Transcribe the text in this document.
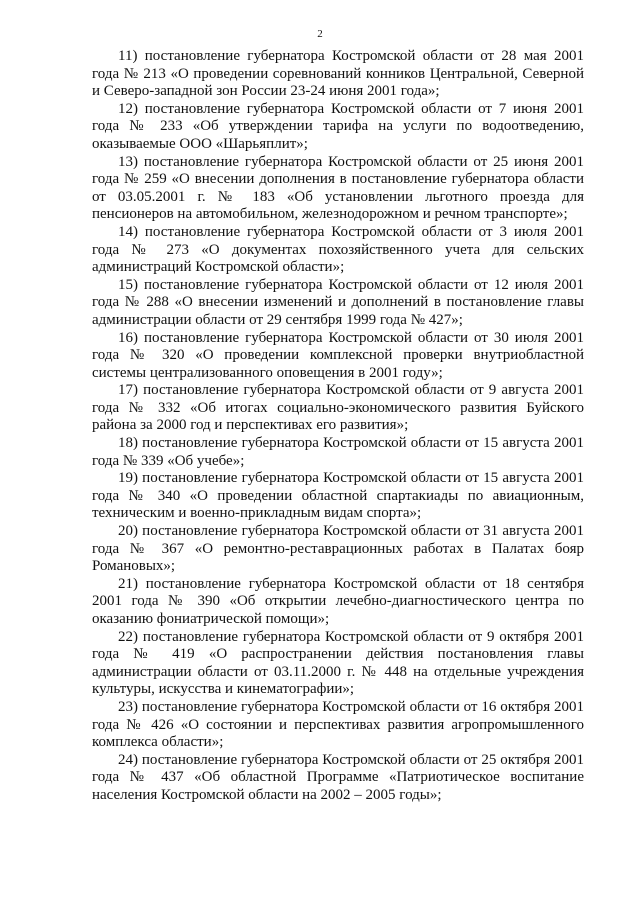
2

11) постановление губернатора Костромской области от 28 мая 2001 года № 213 «О проведении соревнований конников Центральной, Северной и Северо-западной зон России 23-24 июня 2001 года»;

12) постановление губернатора Костромской области от 7 июня 2001 года № 233 «Об утверждении тарифа на услуги по водоотведению, оказываемые ООО «Шарьяплит»;

13) постановление губернатора Костромской области от 25 июня 2001 года № 259 «О внесении дополнения в постановление губернатора области от 03.05.2001 г. № 183 «Об установлении льготного проезда для пенсионеров на автомобильном, железнодорожном и речном транспорте»;

14) постановление губернатора Костромской области от 3 июля 2001 года № 273 «О документах похозяйственного учета для сельских администраций Костромской области»;

15) постановление губернатора Костромской области от 12 июля 2001 года № 288 «О внесении изменений и дополнений в постановление главы администрации области от 29 сентября 1999 года № 427»;

16) постановление губернатора Костромской области от 30 июля 2001 года № 320 «О проведении комплексной проверки внутриобластной системы централизованного оповещения в 2001 году»;

17) постановление губернатора Костромской области от 9 августа 2001 года № 332 «Об итогах социально-экономического развития Буйского района за 2000 год и перспективах его развития»;

18) постановление губернатора Костромской области от 15 августа 2001 года № 339 «Об учебе»;

19) постановление губернатора Костромской области от 15 августа 2001 года № 340 «О проведении областной спартакиады по авиационным, техническим и военно-прикладным видам спорта»;

20) постановление губернатора Костромской области от 31 августа 2001 года № 367 «О ремонтно-реставрационных работах в Палатах бояр Романовых»;

21) постановление губернатора Костромской области от 18 сентября 2001 года № 390 «Об открытии лечебно-диагностического центра по оказанию фониатрической помощи»;

22) постановление губернатора Костромской области от 9 октября 2001 года № 419 «О распространении действия постановления главы администрации области от 03.11.2000 г. № 448 на отдельные учреждения культуры, искусства и кинематографии»;

23) постановление губернатора Костромской области от 16 октября 2001 года № 426 «О состоянии и перспективах развития агропромышленного комплекса области»;

24) постановление губернатора Костромской области от 25 октября 2001 года № 437 «Об областной Программе «Патриотическое воспитание населения Костромской области на 2002 – 2005 годы»;
